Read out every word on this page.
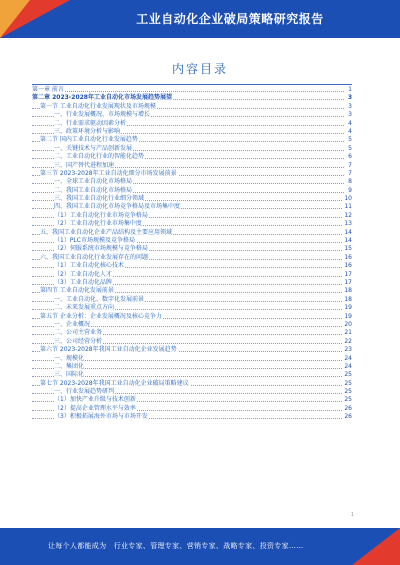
工业自动化企业破局策略研究报告
内容目录
第一章 前言	1
第二章 2023-2028年工业自动化市场发展趋势展望	3
第一节 工业自动化行业发展现状及市场规模	3
一、行业发展概况、市场规模与增长	3
二、行业需求驱动因素分析	4
三、政策环境分析与影响	4
第二节 国内工业自动化行业发展趋势	5
一、关键技术与产品创新发展	5
二、工业自动化行业的智能化趋势	6
三、国产替代进程加速	7
第三节 2023-2028年工业自动化细分市场发展前景	7
一、全球工业自动化市场格局	8
二、我国工业自动化市场格局	9
三、我国工业自动化行业细分领域	10
四、我国工业自动化市场竞争格局及市场集中度	11
（1）工业自动化行业市场竞争格局	12
（2）工业自动化行业市场集中度	13
五、我国工业自动化企业产品结构及主要应用领域	14
（1）PLC市场规模及竞争格局	14
（2）伺服系统市场规模与竞争格局	15
六、我国工业自动化行业发展存在的问题	16
（1）工业自动化核心技术	16
（2）工业自动化人才	17
（3）工业自动化品牌	17
第四节 工业自动化发展前景	18
一、工业自动化、数字化发展前景	18
二、未来发展重点方向	19
第五节 企业分析：企业发展概况及核心竞争力	19
一、企业概况	20
二、公司主营业务	21
三、公司经营分析	22
第六节 2023-2028年我国工业自动化企业发展趋势	23
一、规模化	24
二、集团化	24
三、国际化	25
第七节 2023-2028年我国工业自动化企业破局策略建议	25
一、行业发展趋势研判	25
（1）加快产业升级与技术创新	25
（2）提高企业管理水平与效率	26
（3）积极拓展海外市场与市场开发	26
1
让每个人都能成为　行业专家、管理专家、营销专家、战略专家、投资专家……
